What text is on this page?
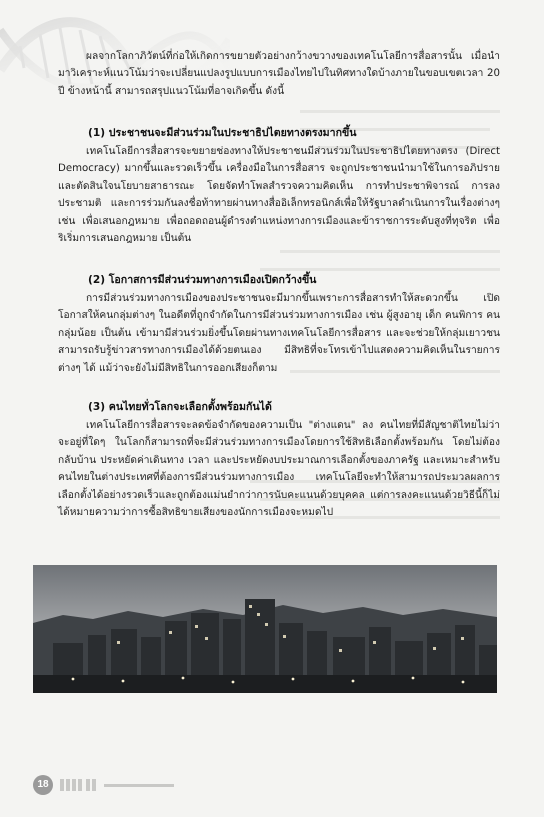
ผลจากโลกาภิวัตน์ที่ก่อให้เกิดการขยายตัวอย่างกว้างขวางของเทคโนโลยีการสื่อสารนั้น เมื่อนำมาวิเคราะห์แนวโน้มว่าจะเปลี่ยนแปลงรูปแบบการเมืองไทยไปในทิศทางใดบ้างภายในขอบเขตเวลา 20 ปี ข้างหน้านี้ สามารถสรุปแนวโน้มที่อาจเกิดขึ้น ดังนี้

(1) ประชาชนจะมีส่วนร่วมในประชาธิปไตยทางตรงมากขึ้น

เทคโนโลยีการสื่อสารจะขยายช่องทางให้ประชาชนมีส่วนร่วมในประชาธิปไตยทางตรง (Direct Democracy) มากขึ้นและรวดเร็วขึ้น เครื่องมือในการสื่อสาร จะถูกประชาชนนำมาใช้ในการอภิปรายและตัดสินใจนโยบายสาธารณะ โดยจัดทำโพลสำรวจความคิดเห็น การทำประชาพิจารณ์ การลงประชามติ และการร่วมกันลงชื่อท้าทายผ่านทางสื่ออิเล็กทรอนิกส์เพื่อให้รัฐบาลดำเนินการในเรื่องต่างๆ เช่น เพื่อเสนอกฎหมาย เพื่อถอดถอนผู้ดำรงตำแหน่งทางการเมืองและข้าราชการระดับสูงที่ทุจริต เพื่อริเริ่มการเสนอกฎหมาย เป็นต้น

(2) โอกาสการมีส่วนร่วมทางการเมืองเปิดกว้างขึ้น

การมีส่วนร่วมทางการเมืองของประชาชนจะมีมากขึ้นเพราะการสื่อสารทำให้สะดวกขึ้น เปิดโอกาสให้คนกลุ่มต่างๆ ในอดีตที่ถูกจำกัดในการมีส่วนร่วมทางการเมือง เช่น ผู้สูงอายุ เด็ก คนพิการ คนกลุ่มน้อย เป็นต้น เข้ามามีส่วนร่วมยิ่งขึ้นโดยผ่านทางเทคโนโลยีการสื่อสาร และจะช่วยให้กลุ่มเยาวชนสามารถรับรู้ข่าวสารทางการเมืองได้ด้วยตนเอง มีสิทธิที่จะโทรเข้าไปแสดงความคิดเห็นในรายการต่างๆ ได้ แม้ว่าจะยังไม่มีสิทธิในการออกเสียงก็ตาม

(3) คนไทยทั่วโลกจะเลือกตั้งพร้อมกันได้

เทคโนโลยีการสื่อสารจะลดข้อจำกัดของความเป็น "ต่างแดน" ลง คนไทยที่มีสัญชาติไทยไม่ว่าจะอยู่ที่ใดๆ ในโลกก็สามารถที่จะมีส่วนร่วมทางการเมืองโดยการใช้สิทธิเลือกตั้งพร้อมกัน โดยไม่ต้องกลับบ้าน ประหยัดค่าเดินทาง เวลา และประหยัดงบประมาณการเลือกตั้งของภาครัฐ และเหมาะสำหรับคนไทยในต่างประเทศที่ต้องการมีส่วนร่วมทางการเมือง เทคโนโลยีจะทำให้สามารถประมวลผลการเลือกตั้งได้อย่างรวดเร็วและถูกต้องแม่นยำกว่าการนับคะแนนด้วยบุคคล แต่การลงคะแนนด้วยวิธีนี้ก็ไม่ได้หมายความว่าการซื้อสิทธิขายเสียงของนักการเมืองจะหมดไป

18
